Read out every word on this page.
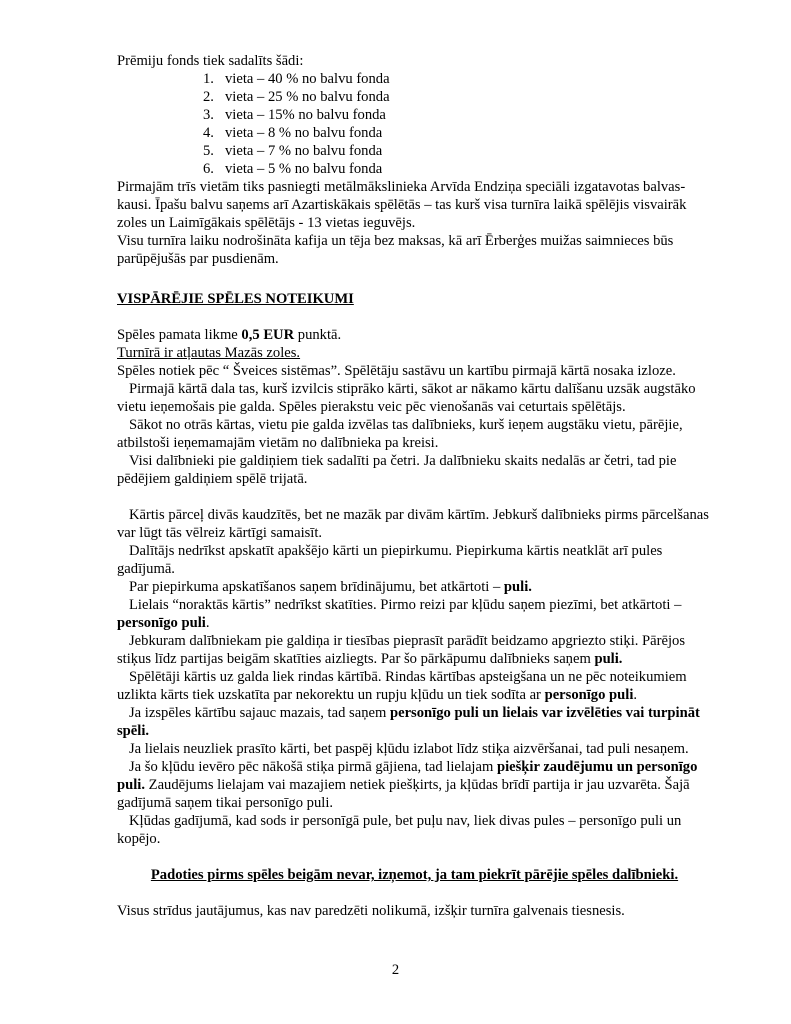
Prēmiju fonds tiek sadalīts šādi:

1. vieta – 40 % no balvu fonda
2. vieta – 25 % no balvu fonda
3. vieta – 15% no balvu fonda
4. vieta – 8 % no balvu fonda
5. vieta – 7 % no balvu fonda
6. vieta – 5 % no balvu fonda

Pirmajām trīs vietām tiks pasniegti metālmākslinieka Arvīda Endziņa speciāli izgatavotas balvas-kausi. Īpašu balvu saņems arī Azartiskākais spēlētās – tas kurš visa turnīra laikā spēlējis visvairāk zoles un Laimīgākais spēlētājs - 13 vietas ieguvējs.

Visu turnīra laiku nodrošināta kafija un tēja bez maksas, kā arī Ērberģes muižas saimnieces būs parūpējušās par pusdienām.

VISPĀRĒJIE SPĒLES NOTEIKUMI

Spēles pamata likme 0,5 EUR punktā.

Turnīrā ir atļautas Mazās zoles.

Spēles notiek pēc “ Šveices sistēmas”. Spēlētāju sastāvu un kartību pirmajā kārtā nosaka izloze.

Pirmajā kārtā dala tas, kurš izvilcis stiprāko kārti, sākot ar nākamo kārtu dalīšanu uzsāk augstāko vietu ieņemošais pie galda. Spēles pierakstu veic pēc vienošanās vai ceturtais spēlētājs.

Sākot no otrās kārtas, vietu pie galda izvēlas tas dalībnieks, kurš ieņem augstāku vietu, pārējie, atbilstoši ieņemamajām vietām no dalībnieka pa kreisi.

Visi dalībnieki pie galdiņiem tiek sadalīti pa četri. Ja dalībnieku skaits nedalās ar četri, tad pie pēdējiem galdiņiem spēlē trijatā.

Kārtis pārceļ divās kaudzītēs, bet ne mazāk par divām kārtīm. Jebkurš dalībnieks pirms pārcelšanas var lūgt tās vēlreiz kārtīgi samaisīt.

Dalītājs nedrīkst apskatīt apakšējo kārti un piepirkumu. Piepirkuma kārtis neatklāt arī pules gadījumā.

Par piepirkuma apskatīšanos saņem brīdinājumu, bet atkārtoti – puli.

Lielais “noraktās kārtis” nedrīkst skatīties. Pirmo reizi par kļūdu saņem piezīmi, bet atkārtoti – personīgo puli.

Jebkuram dalībniekam pie galdiņa ir tiesības pieprasīt parādīt beidzamo apgriezto stiķi. Pārējos stiķus līdz partijas beigām skatīties aizliegts. Par šo pārkāpumu dalībnieks saņem puli.

Spēlētāji kārtis uz galda liek rindas kārtībā. Rindas kārtības apsteigšana un ne pēc noteikumiem uzlikta kārts tiek uzskatīta par nekorektu un rupju kļūdu un tiek sodīta ar personīgo puli.

Ja izspēles kārtību sajauc mazais, tad saņem personīgo puli un lielais var izvēlēties vai turpināt spēli.

Ja lielais neuzliek prasīto kārti, bet paspēj kļūdu izlabot līdz stiķa aizvēršanai, tad puli nesaņem.

Ja šo kļūdu ievēro pēc nākošā stiķa pirmā gājiena, tad lielajam piešķir zaudējumu un personīgo puli. Zaudējums lielajam vai mazajiem netiek piešķirts, ja kļūdas brīdī partija ir jau uzvarēta. Šajā gadījumā saņem tikai personīgo puli.

Kļūdas gadījumā, kad sods ir personīgā pule, bet puļu nav, liek divas pules – personīgo puli un kopējo.

Padoties pirms spēles beigām nevar, izņemot, ja tam piekrīt pārējie spēles dalībnieki.

Visus strīdus jautājumus, kas nav paredzēti nolikumā, izšķir turnīra galvenais tiesnesis.

2
